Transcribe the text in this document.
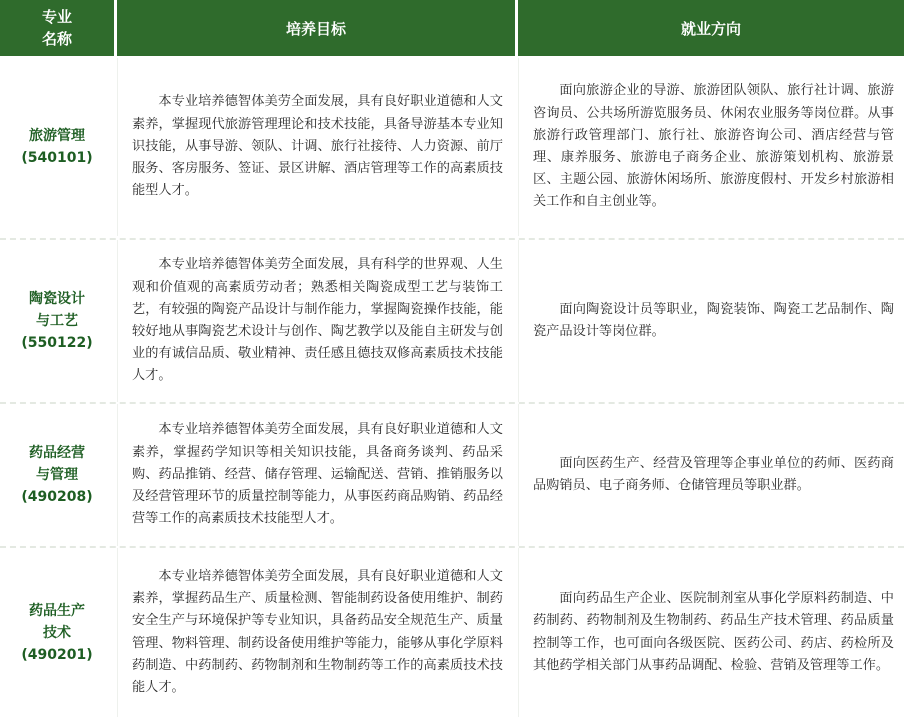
专业
名称
培养目标	就业方向
旅游管理
(540101)
本专业培养德智体美劳全面发展，具有良好职业道德和人文素养，掌握现代旅游管理理论和技术技能，具备导游基本专业知识技能，从事导游、领队、计调、旅行社接待、人力资源、前厅服务、客房服务、签证、景区讲解、酒店管理等工作的高素质技能型人才。
面向旅游企业的导游、旅游团队领队、旅行社计调、旅游咨询员、公共场所游览服务员、休闲农业服务等岗位群。从事旅游行政管理部门、旅行社、旅游咨询公司、酒店经营与管理、康养服务、旅游电子商务企业、旅游策划机构、旅游景区、主题公园、旅游休闲场所、旅游度假村、开发乡村旅游相关工作和自主创业等。
陶瓷设计
与工艺
(550122)
本专业培养德智体美劳全面发展，具有科学的世界观、人生观和价值观的高素质劳动者；熟悉相关陶瓷成型工艺与装饰工艺，有较强的陶瓷产品设计与制作能力，掌握陶瓷操作技能，能较好地从事陶瓷艺术设计与创作、陶艺教学以及能自主研发与创业的有诚信品质、敬业精神、责任感且德技双修高素质技术技能人才。
面向陶瓷设计员等职业，陶瓷装饰、陶瓷工艺品制作、陶瓷产品设计等岗位群。
药品经营
与管理
(490208)
本专业培养德智体美劳全面发展，具有良好职业道德和人文素养，掌握药学知识等相关知识技能，具备商务谈判、药品采购、药品推销、经营、储存管理、运输配送、营销、推销服务以及经营管理环节的质量控制等能力，从事医药商品购销、药品经营等工作的高素质技术技能型人才。
面向医药生产、经营及管理等企事业单位的药师、医药商品购销员、电子商务师、仓储管理员等职业群。
药品生产
技术
(490201)
本专业培养德智体美劳全面发展，具有良好职业道德和人文素养，掌握药品生产、质量检测、智能制药设备使用维护、制药安全生产与环境保护等专业知识，具备药品安全规范生产、质量管理、物料管理、制药设备使用维护等能力，能够从事化学原料药制造、中药制药、药物制剂和生物制药等工作的高素质技术技能人才。
面向药品生产企业、医院制剂室从事化学原料药制造、中药制药、药物制剂及生物制药、药品生产技术管理、药品质量控制等工作，也可面向各级医院、医药公司、药店、药检所及其他药学相关部门从事药品调配、检验、营销及管理等工作。
